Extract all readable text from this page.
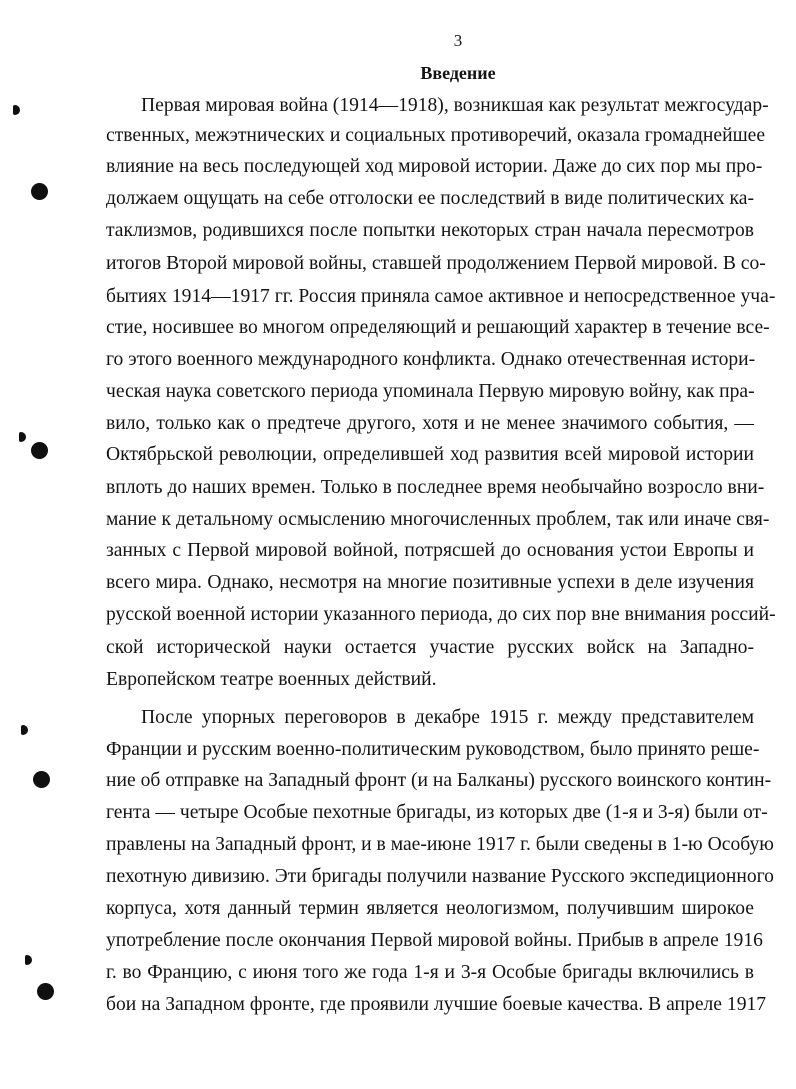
3
Введение
Первая мировая война (1914—1918), возникшая как результат межгосудар-
ственных, межэтнических и социальных противоречий, оказала громаднейшее
влияние на весь последующей ход мировой истории. Даже до сих пор мы про-
должаем ощущать на себе отголоски ее последствий в виде политических ка-
таклизмов, родившихся после попытки некоторых стран начала пересмотров
итогов Второй мировой войны, ставшей продолжением Первой мировой. В со-
бытиях 1914—1917 гг. Россия приняла самое активное и непосредственное уча-
стие, носившее во многом определяющий и решающий характер в течение все-
го этого военного международного конфликта. Однако отечественная истори-
ческая наука советского периода упоминала Первую мировую войну, как пра-
вило, только как о предтече другого, хотя и не менее значимого события, —
Октябрьской революции, определившей ход развития всей мировой истории
вплоть до наших времен. Только в последнее время необычайно возросло вни-
мание к детальному осмыслению многочисленных проблем, так или иначе свя-
занных с Первой мировой войной, потрясшей до основания устои Европы и
всего мира. Однако, несмотря на многие позитивные успехи в деле изучения
русской военной истории указанного периода, до сих пор вне внимания россий-
ской исторической науки остается участие русских войск на Западно-
Европейском театре военных действий.
После упорных переговоров в декабре 1915 г. между представителем
Франции и русским военно-политическим руководством, было принято реше-
ние об отправке на Западный фронт (и на Балканы) русского воинского контин-
гента — четыре Особые пехотные бригады, из которых две (1-я и 3-я) были от-
правлены на Западный фронт, и в мае-июне 1917 г. были сведены в 1-ю Особую
пехотную дивизию. Эти бригады получили название Русского экспедиционного
корпуса, хотя данный термин является неологизмом, получившим широкое
употребление после окончания Первой мировой войны. Прибыв в апреле 1916
г. во Францию, с июня того же года 1-я и 3-я Особые бригады включились в
бои на Западном фронте, где проявили лучшие боевые качества. В апреле 1917
